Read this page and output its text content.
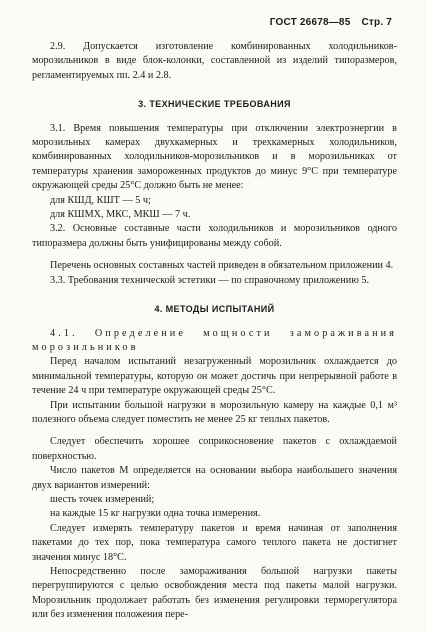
ГОСТ 26678—85 Стр. 7

2.9. Допускается изготовление комбинированных холодильников-морозильников в виде блок-колонки, составленной из изделий типоразмеров, регламентируемых пп. 2.4 и 2.8.

3. ТЕХНИЧЕСКИЕ ТРЕБОВАНИЯ

3.1. Время повышения температуры при отключении электроэнергии в морозильных камерах двухкамерных и трехкамерных холодильников, комбинированных холодильников-морозильников и в морозильниках от температуры хранения замороженных продуктов до минус 9°С при температуре окружающей среды 25°С должно быть не менее:

для КШД, КШТ — 5 ч;
для КШМХ, МКС, МКШ — 7 ч.

3.2. Основные составные части холодильников и морозильников одного типоразмера должны быть унифицированы между собой.

Перечень основных составных частей приведен в обязательном приложении 4.

3.3. Требования технической эстетики — по справочному приложению 5.

4. МЕТОДЫ ИСПЫТАНИЙ

4.1. Определение мощности замораживания морозильников

Перед началом испытаний незагруженный морозильник охлаждается до минимальной температуры, которую он может достичь при непрерывной работе в течение 24 ч при температуре окружающей среды 25°С.

При испытании большой нагрузки в морозильную камеру на каждые 0,1 м³ полезного объема следует поместить не менее 25 кг теплых пакетов.

Следует обеспечить хорошее соприкосновение пакетов с охлаждаемой поверхностью.

Число пакетов М определяется на основании выбора наибольшего значения двух вариантов измерений:

шесть точек измерений;
на каждые 15 кг нагрузки одна точка измерения.

Следует измерять температуру пакетов и время начиная от заполнения пакетами до тех пор, пока температура самого теплого пакета не достигнет значения минус 18°С.

Непосредственно после замораживания большой нагрузки пакеты перегруппируются с целью освобождения места под пакеты малой нагрузки. Морозильник продолжает работать без изменения регулировки терморегулятора или без изменения положения пере-
